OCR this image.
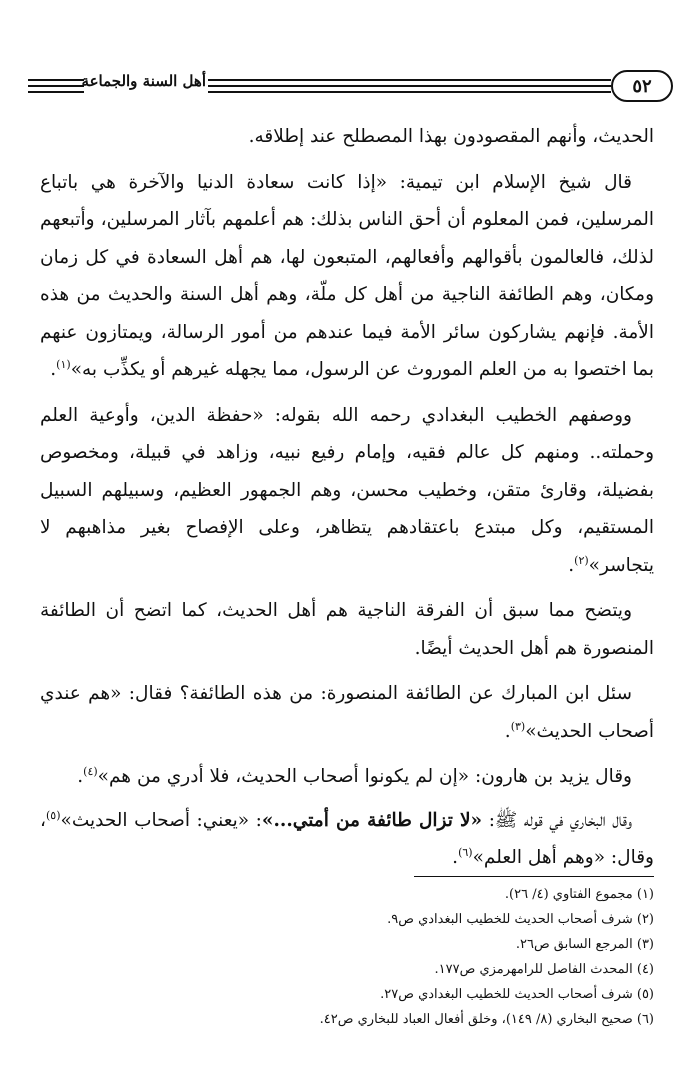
٥٢
أهل السنة والجماعة

الحديث، وأنهم المقصودون بهذا المصطلح عند إطلاقه.

قال شيخ الإسلام ابن تيمية: «إذا كانت سعادة الدنيا والآخرة هي باتباع المرسلين، فمن المعلوم أن أحق الناس بذلك: هم أعلمهم بآثار المرسلين، وأتبعهم لذلك، فالعالمون بأقوالهم وأفعالهم، المتبعون لها، هم أهل السعادة في كل زمان ومكان، وهم الطائفة الناجية من أهل كل ملّة، وهم أهل السنة والحديث من هذه الأمة. فإنهم يشاركون سائر الأمة فيما عندهم من أمور الرسالة، ويمتازون عنهم بما اختصوا به من العلم الموروث عن الرسول، مما يجهله غيرهم أو يكذِّب به»$^{(١)}$.

ووصفهم الخطيب البغدادي رحمه الله بقوله: «حفظة الدين، وأوعية العلم وحملته.. ومنهم كل عالم فقيه، وإمام رفيع نبيه، وزاهد في قبيلة، ومخصوص بفضيلة، وقارئ متقن، وخطيب محسن، وهم الجمهور العظيم، وسبيلهم السبيل المستقيم، وكل مبتدع باعتقادهم يتظاهر، وعلى الإفصاح بغير مذاهبهم لا يتجاسر»$^{(٢)}$.

ويتضح مما سبق أن الفرقة الناجية هم أهل الحديث، كما اتضح أن الطائفة المنصورة هم أهل الحديث أيضًا.

سئل ابن المبارك عن الطائفة المنصورة: من هذه الطائفة؟ فقال: «هم عندي أصحاب الحديث»$^{(٣)}$.

وقال يزيد بن هارون: «إن لم يكونوا أصحاب الحديث، فلا أدري من هم»$^{(٤)}$.

وقال البخاري في قوله ﷺ: «لا تزال طائفة من أمتي...»: «يعني: أصحاب الحديث»$^{(٥)}$، وقال: «وهم أهل العلم»$^{(٦)}$.

(١) مجموع الفتاوي (٤/ ٢٦).
(٢) شرف أصحاب الحديث للخطيب البغدادي ص٩.
(٣) المرجع السابق ص٢٦.
(٤) المحدث الفاصل للرامهرمزي ص١٧٧.
(٥) شرف أصحاب الحديث للخطيب البغدادي ص٢٧.
(٦) صحيح البخاري (٨/ ١٤٩)، وخلق أفعال العباد للبخاري ص٤٢.
